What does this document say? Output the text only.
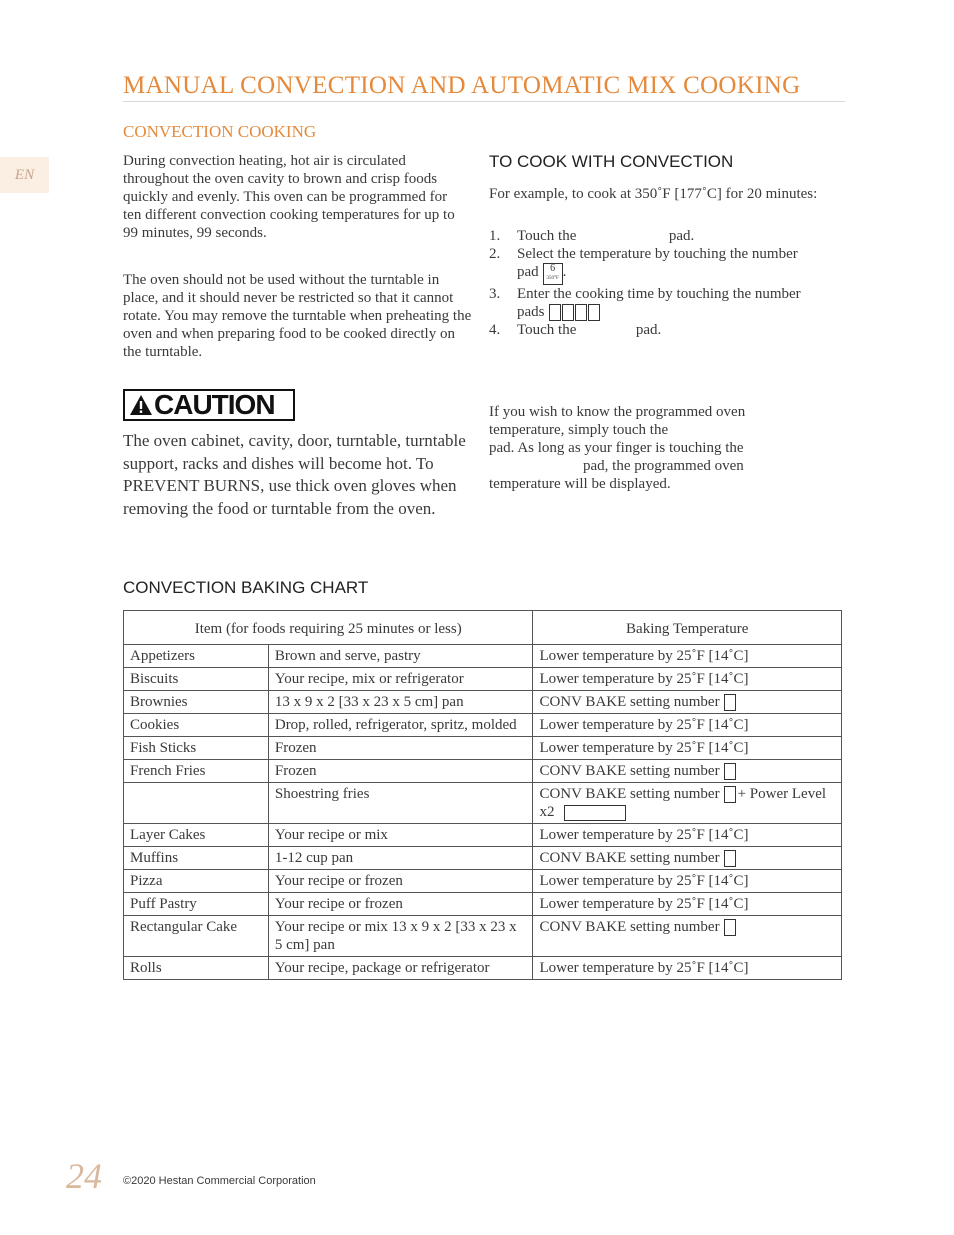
EN
MANUAL CONVECTION AND AUTOMATIC MIX COOKING
CONVECTION COOKING
During convection heating, hot air is circulated throughout the oven cavity to brown and crisp foods quickly and evenly. This oven can be programmed for ten different convection cooking temperatures for up to 99 minutes, 99 seconds.
The oven should not be used without the turntable in place, and it should never be restricted so that it cannot rotate. You may remove the turntable when preheating the oven and when preparing food to be cooked directly on the turntable.
CAUTION
The oven cabinet, cavity, door, turntable, turntable support, racks and dishes will become hot. To PREVENT BURNS, use thick oven gloves when removing the food or turntable from the oven.
TO COOK WITH CONVECTION
For example, to cook at 350˚F [177˚C] for 20 minutes:
1. Touch the	pad.
2. Select the temperature by touching the number pad 6
350°F .
3. Enter the cooking time by touching the number pads
4. Touch the	pad.
If you wish to know the programmed oven temperature, simply touch the
pad. As long as your finger is touching the
pad, the programmed oven temperature will be displayed.
CONVECTION BAKING CHART
Item (for foods requiring 25 minutes or less)		Baking Temperature
Appetizers	Brown and serve, pastry	Lower temperature by 25˚F [14˚C]
Biscuits	Your recipe, mix or refrigerator	Lower temperature by 25˚F [14˚C]
Brownies	13 x 9 x 2 [33 x 23 x 5 cm] pan	CONV BAKE setting number
Cookies	Drop, rolled, refrigerator, spritz, molded	Lower temperature by 25˚F [14˚C]
Fish Sticks	Frozen	Lower temperature by 25˚F [14˚C]
French Fries	Frozen	CONV BAKE setting number
	Shoestring fries	CONV BAKE setting number + Power Level x2
Layer Cakes	Your recipe or mix	Lower temperature by 25˚F [14˚C]
Muffins	1-12 cup pan	CONV BAKE setting number
Pizza	Your recipe or frozen	Lower temperature by 25˚F [14˚C]
Puff Pastry	Your recipe or frozen	Lower temperature by 25˚F [14˚C]
Rectangular Cake	Your recipe or mix 13 x 9 x 2 [33 x 23 x 5 cm] pan	CONV BAKE setting number
Rolls	Your recipe, package or refrigerator	Lower temperature by 25˚F [14˚C]
24 ©2020 Hestan Commercial Corporation
